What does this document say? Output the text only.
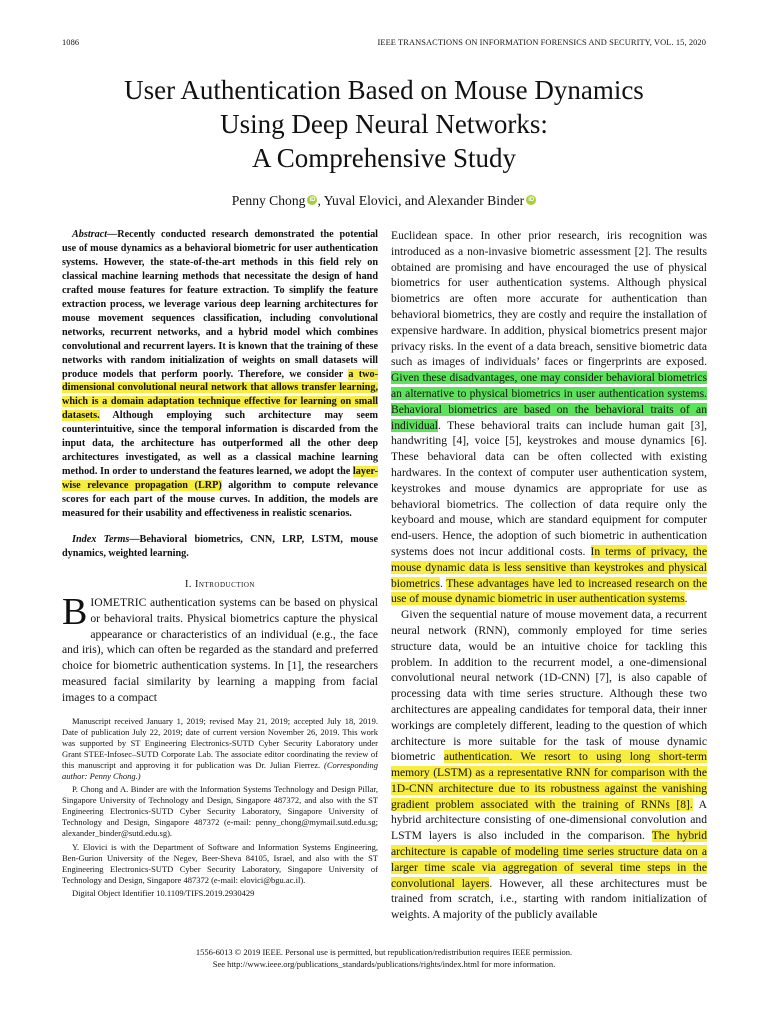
1086	IEEE TRANSACTIONS ON INFORMATION FORENSICS AND SECURITY, VOL. 15, 2020
User Authentication Based on Mouse Dynamics
Using Deep Neural Networks:
A Comprehensive Study
Penny Chong iD , Yuval Elovici, and Alexander Binder iD

Abstract—Recently conducted research demonstrated the potential use of mouse dynamics as a behavioral biometric for user authentication systems. However, the state-of-the-art methods in this field rely on classical machine learning methods that necessitate the design of hand crafted mouse features for feature extraction. To simplify the feature extraction process, we leverage various deep learning architectures for mouse movement sequences classification, including convolutional networks, recurrent networks, and a hybrid model which combines convolutional and recurrent layers. It is known that the training of these networks with random initialization of weights on small datasets will produce models that perform poorly. Therefore, we consider a two-dimensional convolutional neural network that allows transfer learning, which is a domain adaptation technique effective for learning on small datasets. Although employing such architecture may seem counterintuitive, since the temporal information is discarded from the input data, the architecture has outperformed all the other deep architectures investigated, as well as a classical machine learning method. In order to understand the features learned, we adopt the layer-wise relevance propagation (LRP) algorithm to compute relevance scores for each part of the mouse curves. In addition, the models are measured for their usability and effectiveness in realistic scenarios.

Index Terms—Behavioral biometrics, CNN, LRP, LSTM, mouse dynamics, weighted learning.

I. Introduction

BIOMETRIC authentication systems can be based on physical or behavioral traits. Physical biometrics capture the physical appearance or characteristics of an individual (e.g., the face and iris), which can often be regarded as the standard and preferred choice for biometric authentication systems. In [1], the researchers measured facial similarity by learning a mapping from facial images to a compact

Manuscript received January 1, 2019; revised May 21, 2019; accepted July 18, 2019. Date of publication July 22, 2019; date of current version November 26, 2019. This work was supported by ST Engineering Electronics-SUTD Cyber Security Laboratory under Grant STEE-Infosec–SUTD Corporate Lab. The associate editor coordinating the review of this manuscript and approving it for publication was Dr. Julian Fierrez. (Corresponding author: Penny Chong.)

P. Chong and A. Binder are with the Information Systems Technology and Design Pillar, Singapore University of Technology and Design, Singapore 487372, and also with the ST Engineering Electronics-SUTD Cyber Security Laboratory, Singapore University of Technology and Design, Singapore 487372 (e-mail: penny_chong@mymail.sutd.edu.sg; alexander_binder@sutd.edu.sg).

Y. Elovici is with the Department of Software and Information Systems Engineering, Ben-Gurion University of the Negev, Beer-Sheva 84105, Israel, and also with the ST Engineering Electronics-SUTD Cyber Security Laboratory, Singapore University of Technology and Design, Singapore 487372 (e-mail: elovici@bgu.ac.il).

Digital Object Identifier 10.1109/TIFS.2019.2930429

Euclidean space. In other prior research, iris recognition was introduced as a non-invasive biometric assessment [2]. The results obtained are promising and have encouraged the use of physical biometrics for user authentication systems. Although physical biometrics are often more accurate for authentication than behavioral biometrics, they are costly and require the installation of expensive hardware. In addition, physical biometrics present major privacy risks. In the event of a data breach, sensitive biometric data such as images of individuals’ faces or fingerprints are exposed. Given these disadvantages, one may consider behavioral biometrics an alternative to physical biometrics in user authentication systems. Behavioral biometrics are based on the behavioral traits of an individual. These behavioral traits can include human gait [3], handwriting [4], voice [5], keystrokes and mouse dynamics [6]. These behavioral data can be often collected with existing hardwares. In the context of computer user authentication system, keystrokes and mouse dynamics are appropriate for use as behavioral biometrics. The collection of data require only the keyboard and mouse, which are standard equipment for computer end-users. Hence, the adoption of such biometric in authentication systems does not incur additional costs. In terms of privacy, the mouse dynamic data is less sensitive than keystrokes and physical biometrics. These advantages have led to increased research on the use of mouse dynamic biometric in user authentication systems.

Given the sequential nature of mouse movement data, a recurrent neural network (RNN), commonly employed for time series structure data, would be an intuitive choice for tackling this problem. In addition to the recurrent model, a one-dimensional convolutional neural network (1D-CNN) [7], is also capable of processing data with time series structure. Although these two architectures are appealing candidates for temporal data, their inner workings are completely different, leading to the question of which architecture is more suitable for the task of mouse dynamic biometric authentication. We resort to using long short-term memory (LSTM) as a representative RNN for comparison with the 1D-CNN architecture due to its robustness against the vanishing gradient problem associated with the training of RNNs [8]. A hybrid architecture consisting of one-dimensional convolution and LSTM layers is also included in the comparison. The hybrid architecture is capable of modeling time series structure data on a larger time scale via aggregation of several time steps in the convolutional layers. However, all these architectures must be trained from scratch, i.e., starting with random initialization of weights. A majority of the publicly available

1556-6013 © 2019 IEEE. Personal use is permitted, but republication/redistribution requires IEEE permission.
See http://www.ieee.org/publications_standards/publications/rights/index.html for more information.
